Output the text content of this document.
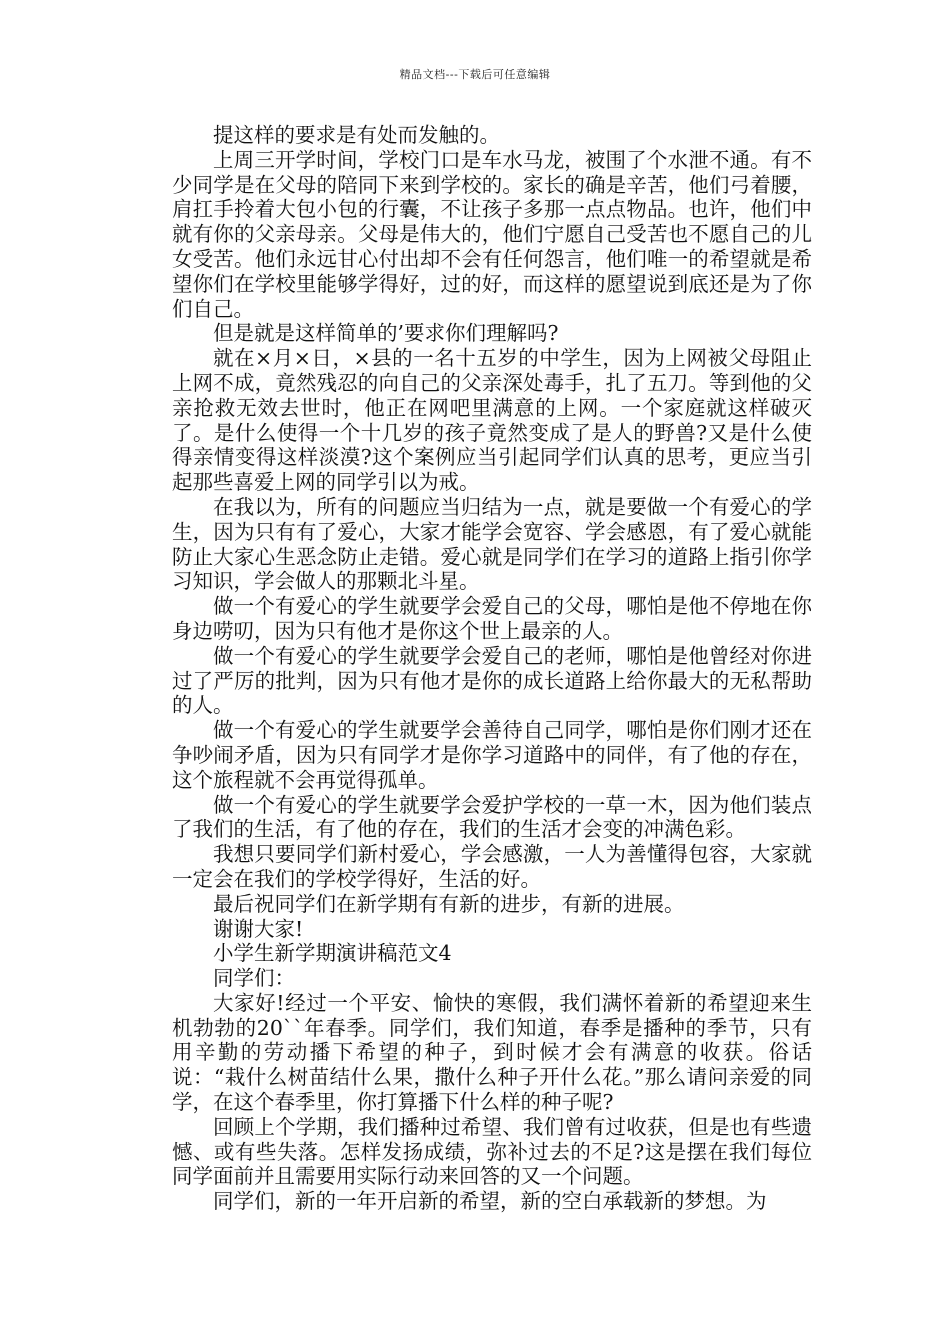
精品文档---下载后可任意编辑

提这样的要求是有处而发触的。

上周三开学时间，学校门口是车水马龙，被围了个水泄不通。有不少同学是在父母的陪同下来到学校的。家长的确是辛苦，他们弓着腰，肩扛手拎着大包小包的行囊，不让孩子多那一点点物品。也许，他们中就有你的父亲母亲。父母是伟大的，他们宁愿自己受苦也不愿自己的儿女受苦。他们永远甘心付出却不会有任何怨言，他们唯一的希望就是希望你们在学校里能够学得好，过的好，而这样的愿望说到底还是为了你们自己。

但是就是这样简单的’要求你们理解吗?

就在×月×日，×县的一名十五岁的中学生，因为上网被父母阻止上网不成，竟然残忍的向自己的父亲深处毒手，扎了五刀。等到他的父亲抢救无效去世时，他正在网吧里满意的上网。一个家庭就这样破灭了。是什么使得一个十几岁的孩子竟然变成了是人的野兽?又是什么使得亲情变得这样淡漠?这个案例应当引起同学们认真的思考，更应当引起那些喜爱上网的同学引以为戒。

在我以为，所有的问题应当归结为一点，就是要做一个有爱心的学生，因为只有有了爱心，大家才能学会宽容、学会感恩，有了爱心就能防止大家心生恶念防止走错。爱心就是同学们在学习的道路上指引你学习知识，学会做人的那颗北斗星。

做一个有爱心的学生就要学会爱自己的父母，哪怕是他不停地在你身边唠叨，因为只有他才是你这个世上最亲的人。

做一个有爱心的学生就要学会爱自己的老师，哪怕是他曾经对你进过了严厉的批判，因为只有他才是你的成长道路上给你最大的无私帮助的人。

做一个有爱心的学生就要学会善待自己同学，哪怕是你们刚才还在争吵闹矛盾，因为只有同学才是你学习道路中的同伴，有了他的存在，这个旅程就不会再觉得孤单。

做一个有爱心的学生就要学会爱护学校的一草一木，因为他们装点了我们的生活，有了他的存在，我们的生活才会变的冲满色彩。

我想只要同学们新村爱心，学会感激，一人为善懂得包容，大家就一定会在我们的学校学得好，生活的好。

最后祝同学们在新学期有有新的进步，有新的进展。

谢谢大家!

小学生新学期演讲稿范文4

同学们：

大家好!经过一个平安、愉快的寒假，我们满怀着新的希望迎来生机勃勃的20``年春季。同学们，我们知道，春季是播种的季节，只有用辛勤的劳动播下希望的种子，到时候才会有满意的收获。俗话说：“栽什么树苗结什么果，撒什么种子开什么花。”那么请问亲爱的同学，在这个春季里，你打算播下什么样的种子呢?

回顾上个学期，我们播种过希望、我们曾有过收获，但是也有些遗憾、或有些失落。怎样发扬成绩，弥补过去的不足?这是摆在我们每位同学面前并且需要用实际行动来回答的又一个问题。

同学们，新的一年开启新的希望，新的空白承载新的梦想。为
